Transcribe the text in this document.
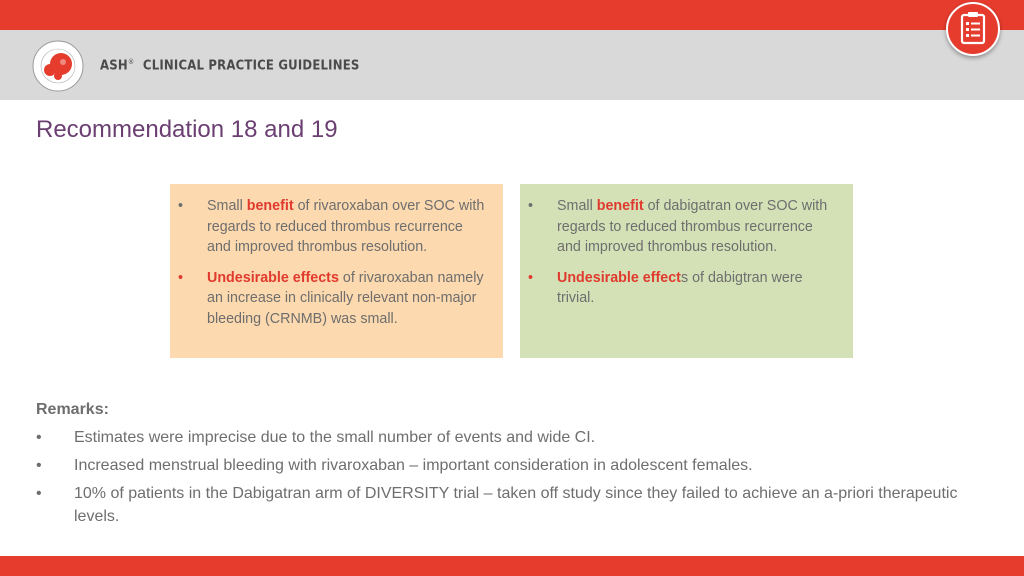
ASH® CLINICAL PRACTICE GUIDELINES
Recommendation 18 and 19
•	Small benefit of rivaroxaban over SOC with regards to reduced thrombus recurrence and improved thrombus resolution.
•	Undesirable effects of rivaroxaban namely an increase in clinically relevant non-major bleeding (CRNMB) was small.
•	Small benefit of dabigatran over SOC with regards to reduced thrombus recurrence and improved thrombus resolution.
•	Undesirable effects of dabigtran were trivial.
Remarks:
• Estimates were imprecise due to the small number of events and wide CI.
• Increased menstrual bleeding with rivaroxaban – important consideration in adolescent females.
• 10% of patients in the Dabigatran arm of DIVERSITY trial – taken off study since they failed to achieve an a-priori therapeutic levels.
